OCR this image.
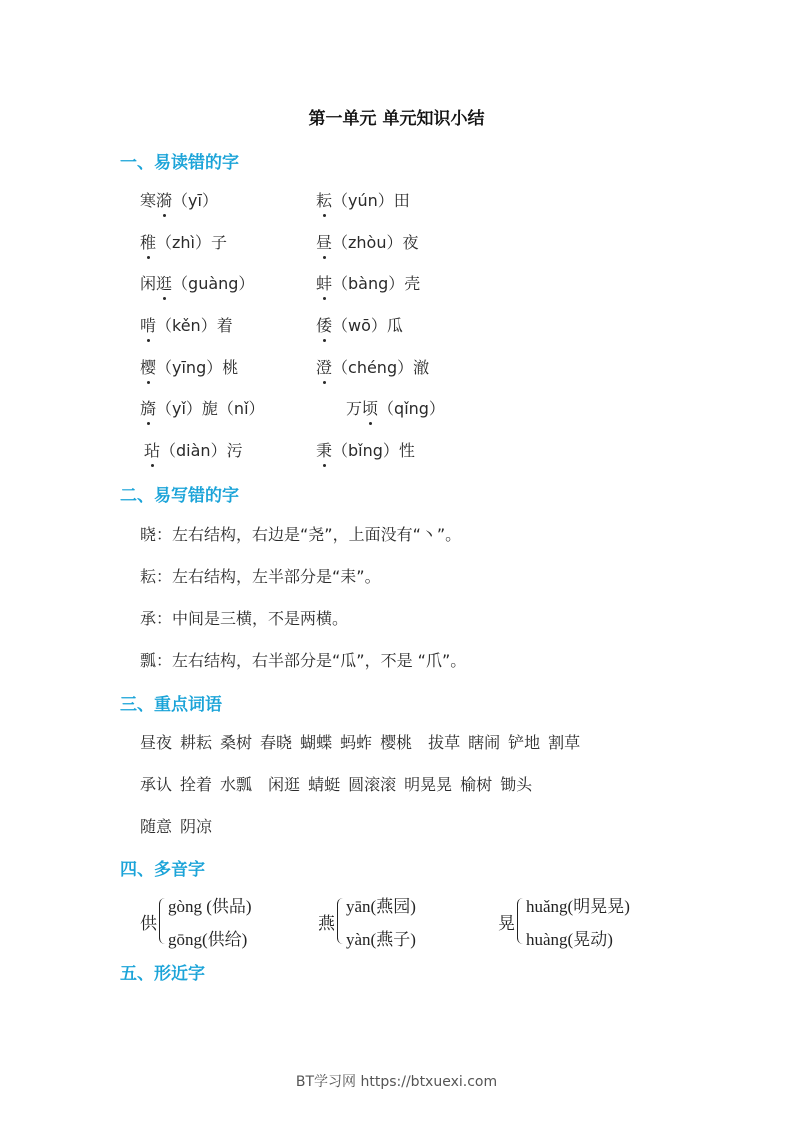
第一单元 单元知识小结
一、易读错的字
寒漪（yī）
稚（zhì）子
闲逛（guàng）
啃（kěn）着
樱（yīng）桃
旖（yǐ）旎（nǐ）
玷（diàn）污
耘（yún）田
昼（zhòu）夜
蚌（bàng）壳
倭（wō）瓜
澄（chéng）澈
万顷（qǐng）
秉（bǐng）性
二、易写错的字
晓：左右结构，右边是“尧”，上面没有“丶”。
耘：左右结构，左半部分是“耒”。
承：中间是三横，不是两横。
瓢：左右结构，右半部分是“瓜”，不是 “爪”。
三、重点词语
昼夜 耕耘 桑树 春晓 蝴蝶 蚂蚱 樱桃 拔草 瞎闹 铲地 割草
承认 拴着 水瓢 闲逛 蜻蜓 圆滚滚 明晃晃 榆树 锄头
随意 阴凉
四、多音字
供
gòng (供品)
gōng(供给)
燕
yān(燕园)
yàn(燕子)
晃
huǎng(明晃晃)
huàng(晃动)
五、形近字
BT学习网 https://btxuexi.com
